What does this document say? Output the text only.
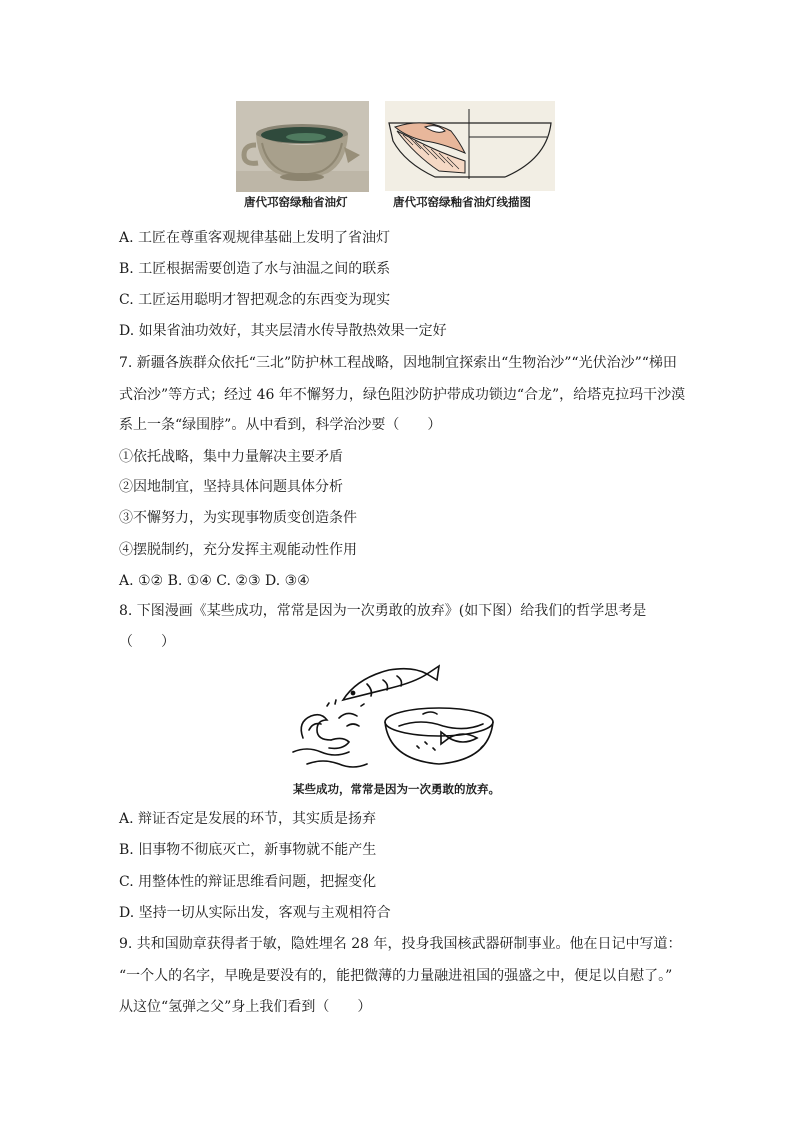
唐代邛窑绿釉省油灯	唐代邛窑绿釉省油灯线描图
A. 工匠在尊重客观规律基础上发明了省油灯
B. 工匠根据需要创造了水与油温之间的联系
C. 工匠运用聪明才智把观念的东西变为现实
D. 如果省油功效好，其夹层清水传导散热效果一定好
7. 新疆各族群众依托“三北”防护林工程战略，因地制宜探索出“生物治沙”“光伏治沙”“梯田
式治沙”等方式；经过 46 年不懈努力，绿色阻沙防护带成功锁边“合龙”，给塔克拉玛干沙漠
系上一条“绿围脖”。从中看到，科学治沙要（　　）
①依托战略，集中力量解决主要矛盾
②因地制宜，坚持具体问题具体分析
③不懈努力，为实现事物质变创造条件
④摆脱制约，充分发挥主观能动性作用
A. ①② B. ①④ C. ②③ D. ③④
8. 下图漫画《某些成功，常常是因为一次勇敢的放弃》(如下图）给我们的哲学思考是
（　　）
某些成功，常常是因为一次勇敢的放弃。
A. 辩证否定是发展的环节，其实质是扬弃
B. 旧事物不彻底灭亡，新事物就不能产生
C. 用整体性的辩证思维看问题，把握变化
D. 坚持一切从实际出发，客观与主观相符合
9. 共和国勋章获得者于敏，隐姓埋名 28 年，投身我国核武器研制事业。他在日记中写道：
“一个人的名字，早晚是要没有的，能把微薄的力量融进祖国的强盛之中，便足以自慰了。”
从这位“氢弹之父”身上我们看到（　　）
